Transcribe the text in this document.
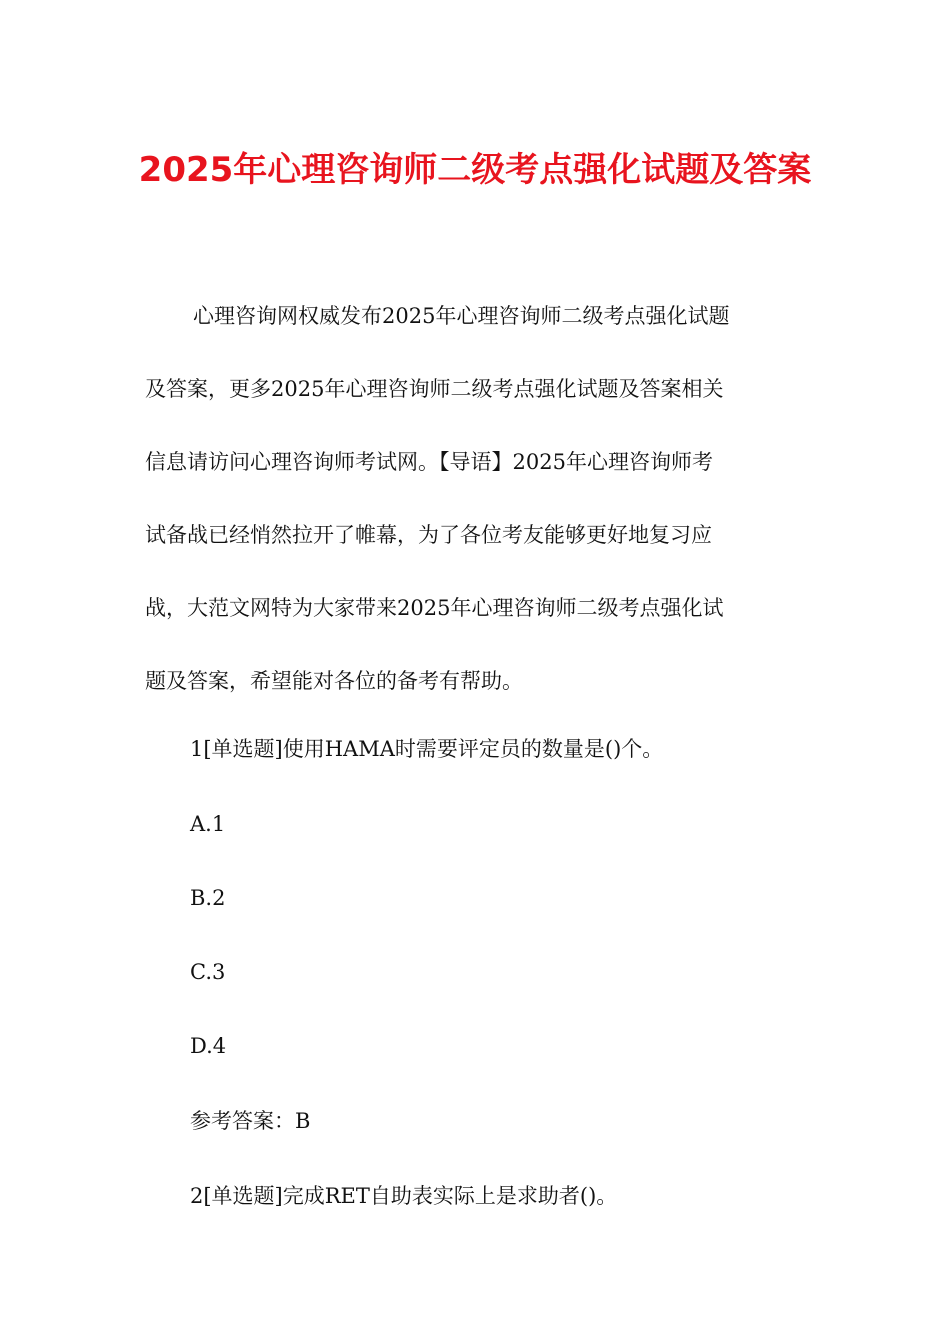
2025年心理咨询师二级考点强化试题及答案
心理咨询网权威发布2025年心理咨询师二级考点强化试题
及答案，更多2025年心理咨询师二级考点强化试题及答案相关
信息请访问心理咨询师考试网。【导语】2025年心理咨询师考
试备战已经悄然拉开了帷幕，为了各位考友能够更好地复习应
战，大范文网特为大家带来2025年心理咨询师二级考点强化试
题及答案，希望能对各位的备考有帮助。
1[单选题]使用HAMA时需要评定员的数量是()个。
A.1
B.2
C.3
D.4
参考答案：B
2[单选题]完成RET自助表实际上是求助者()。
